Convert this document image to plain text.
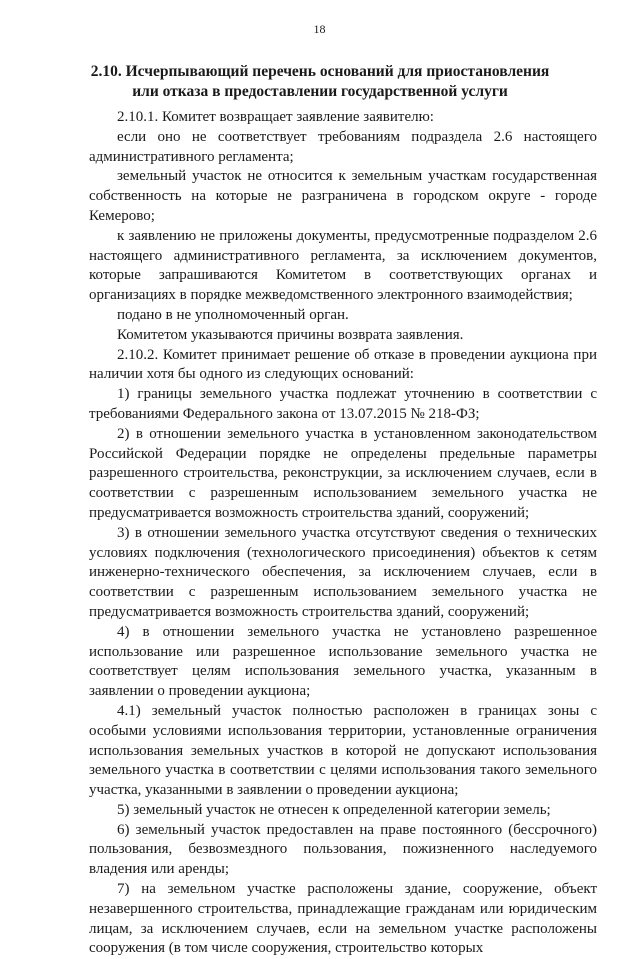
18
2.10. Исчерпывающий перечень оснований для приостановления или отказа в предоставлении государственной услуги

2.10.1. Комитет возвращает заявление заявителю:

если оно не соответствует требованиям подраздела 2.6 настоящего административного регламента;

земельный участок не относится к земельным участкам государственная собственность на которые не разграничена в городском округе - городе Кемерово;

к заявлению не приложены документы, предусмотренные подразделом 2.6 настоящего административного регламента, за исключением документов, которые запрашиваются Комитетом в соответствующих органах и организациях в порядке межведомственного электронного взаимодействия;

подано в не уполномоченный орган.

Комитетом указываются причины возврата заявления.

2.10.2. Комитет принимает решение об отказе в проведении аукциона при наличии хотя бы одного из следующих оснований:

1) границы земельного участка подлежат уточнению в соответствии с требованиями Федерального закона от 13.07.2015 № 218-ФЗ;

2) в отношении земельного участка в установленном законодательством Российской Федерации порядке не определены предельные параметры разрешенного строительства, реконструкции, за исключением случаев, если в соответствии с разрешенным использованием земельного участка не предусматривается возможность строительства зданий, сооружений;

3) в отношении земельного участка отсутствуют сведения о технических условиях подключения (технологического присоединения) объектов к сетям инженерно-технического обеспечения, за исключением случаев, если в соответствии с разрешенным использованием земельного участка не предусматривается возможность строительства зданий, сооружений;

4) в отношении земельного участка не установлено разрешенное использование или разрешенное использование земельного участка не соответствует целям использования земельного участка, указанным в заявлении о проведении аукциона;

4.1) земельный участок полностью расположен в границах зоны с особыми условиями использования территории, установленные ограничения использования земельных участков в которой не допускают использования земельного участка в соответствии с целями использования такого земельного участка, указанными в заявлении о проведении аукциона;

5) земельный участок не отнесен к определенной категории земель;

6) земельный участок предоставлен на праве постоянного (бессрочного) пользования, безвозмездного пользования, пожизненного наследуемого владения или аренды;

7) на земельном участке расположены здание, сооружение, объект незавершенного строительства, принадлежащие гражданам или юридическим лицам, за исключением случаев, если на земельном участке расположены сооружения (в том числе сооружения, строительство которых
